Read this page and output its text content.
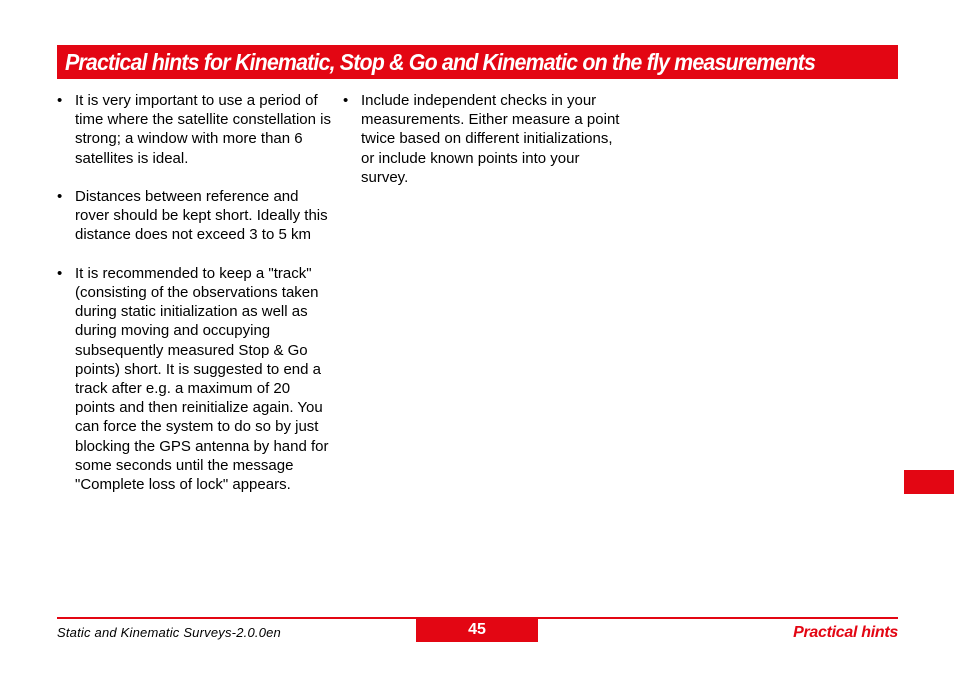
Practical hints for Kinematic, Stop & Go and Kinematic on the fly measurements
• It is very important to use a period of time where the satellite constellation is strong; a window with more than 6 satellites is ideal.
• Distances between reference and rover should be kept short. Ideally this distance does not exceed 3 to 5 km
• It is recommended to keep a "track" (consisting of the observations taken during static initialization as well as during moving and occupying subsequently measured Stop & Go points) short. It is suggested to end a track after e.g. a maximum of 20 points and then reinitialize again. You can force the system to do so by just blocking the GPS antenna by hand for some seconds until the message "Complete loss of lock" appears.
• Include independent checks in your measurements. Either measure a point twice based on different initializations, or include known points into your survey.
Static and Kinematic Surveys-2.0.0en	45	Practical hints
